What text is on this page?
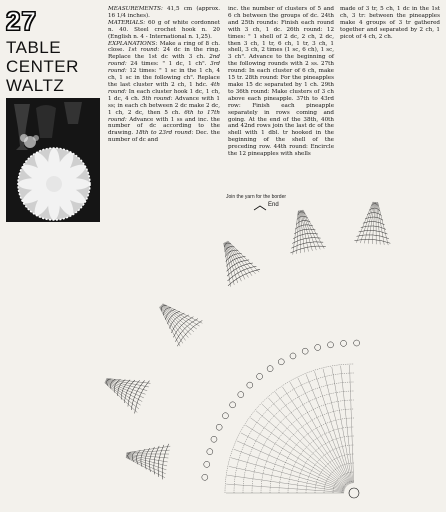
27
TABLE
CENTER
WALTZ

MEASUREMENTS: 41,5 cm (approx. 16 1/4 inches).
MATERIALS: 60 g of white cordonnet n. 40. Steel crochet hook n. 20 (English n. 4 - International n. 1,25).
EXPLANATIONS: Make a ring of 8 ch. close. 1st round: 24 dc in the ring. Replace the 1st dc with 3 ch. 2nd round: 24 times: " 1 dc, 1 ch". 3rd round: 12 times: " 1 sc in the 1 ch, 4 ch, 1 sc in the following ch". Replace the last cluster with 2 ch, 1 hdc. 4th round: In each cluster hook 1 dc, 1 ch, 1 dc, 4 ch. 5th round: Advance with 1 ss; in each ch between 2 dc make 2 dc, 1 ch, 2 dc, then 5 ch. 6th to 17th round: Advance with 1 ss and inc. the number of dc according to the drawing. 18th to 23rd round: Dec. the number of dc and

inc. the number of clusters of 5 and 6 ch between the groups of dc. 24th and 25th rounds: Finish each round with 3 ch, 1 dc. 26th round: 12 times: " 1 shell of 2 dc, 2 ch, 2 dc, then 3 ch, 1 tr, 6 ch, 1 tr, 3 ch, 1 shell, 3 ch, 2 times (1 sc, 6 ch), 1 sc, 3 ch". Advance to the beginning of the following rounds with 2 ss. 27th round: In each cluster of 6 ch, make 15 tr. 28th round: For the pineapples make 15 dc separated by 1 ch. 29th to 36th round: Make clusters of 3 ch above each pineapple. 37th to 43rd row: Finish each pineapple separately in rows coming and going. At the end of the 38th, 40th and 42nd rows join the last dc of the shell with 1 dbl. tr hooked in the beginning of the shell of the preceding row. 44th round: Encircle the 12 pineapples with shells

made of 3 tr, 5 ch, 1 dc in the 1st ch, 3 tr: between the pineapples make 4 groups of 3 tr gathered together and separated by 2 ch, 1 picot of 4 ch, 2 ch.

Join the yarn for the border
End
